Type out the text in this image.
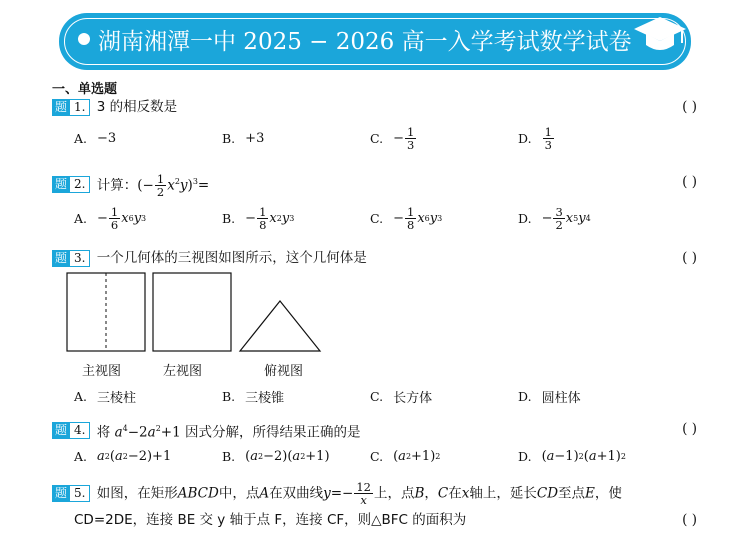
湖南湘潭一中 2025 − 2026 高一入学考试数学试卷
一、单选题
题 1. 3 的相反数是	( )
A. −3	B. +3	C. − $\frac{1}{3}$	D. $\frac{1}{3}$
题 2. 计算：(− $\frac{1}{2} x^2y)^3=$	( )
A. − $\frac{1}{6}$ x 6 y 3	B. − $\frac{1}{8}$ x 2 y 3	C. − $\frac{1}{8}$ x 6 y 3	D. − $\frac{3}{2}$ x 5 y 4
题 3. 一个几何体的三视图如图所示，这个几何体是	( )
主视图	左视图	俯视图
A. 三棱柱	B. 三棱锥	C. 长方体	D. 圆柱体
题 4. 将 $a^4-2a^2+1$ 因式分解，所得结果正确的是	( )
A. a 2 ( a 2 −2)+1	B. ( a 2 −2)( a 2 +1)	C. ( a 2 +1) 2	D. ( a −1) 2 ( a +1) 2
题 5. 如图，在矩形ABCD中，点A在双曲线$y=- \frac{12}{x}$ 上，点B，C在x轴上，延长CD至点E，使
CD=2DE，连接 BE 交 y 轴于点 F，连接 CF，则△BFC 的面积为	( )
